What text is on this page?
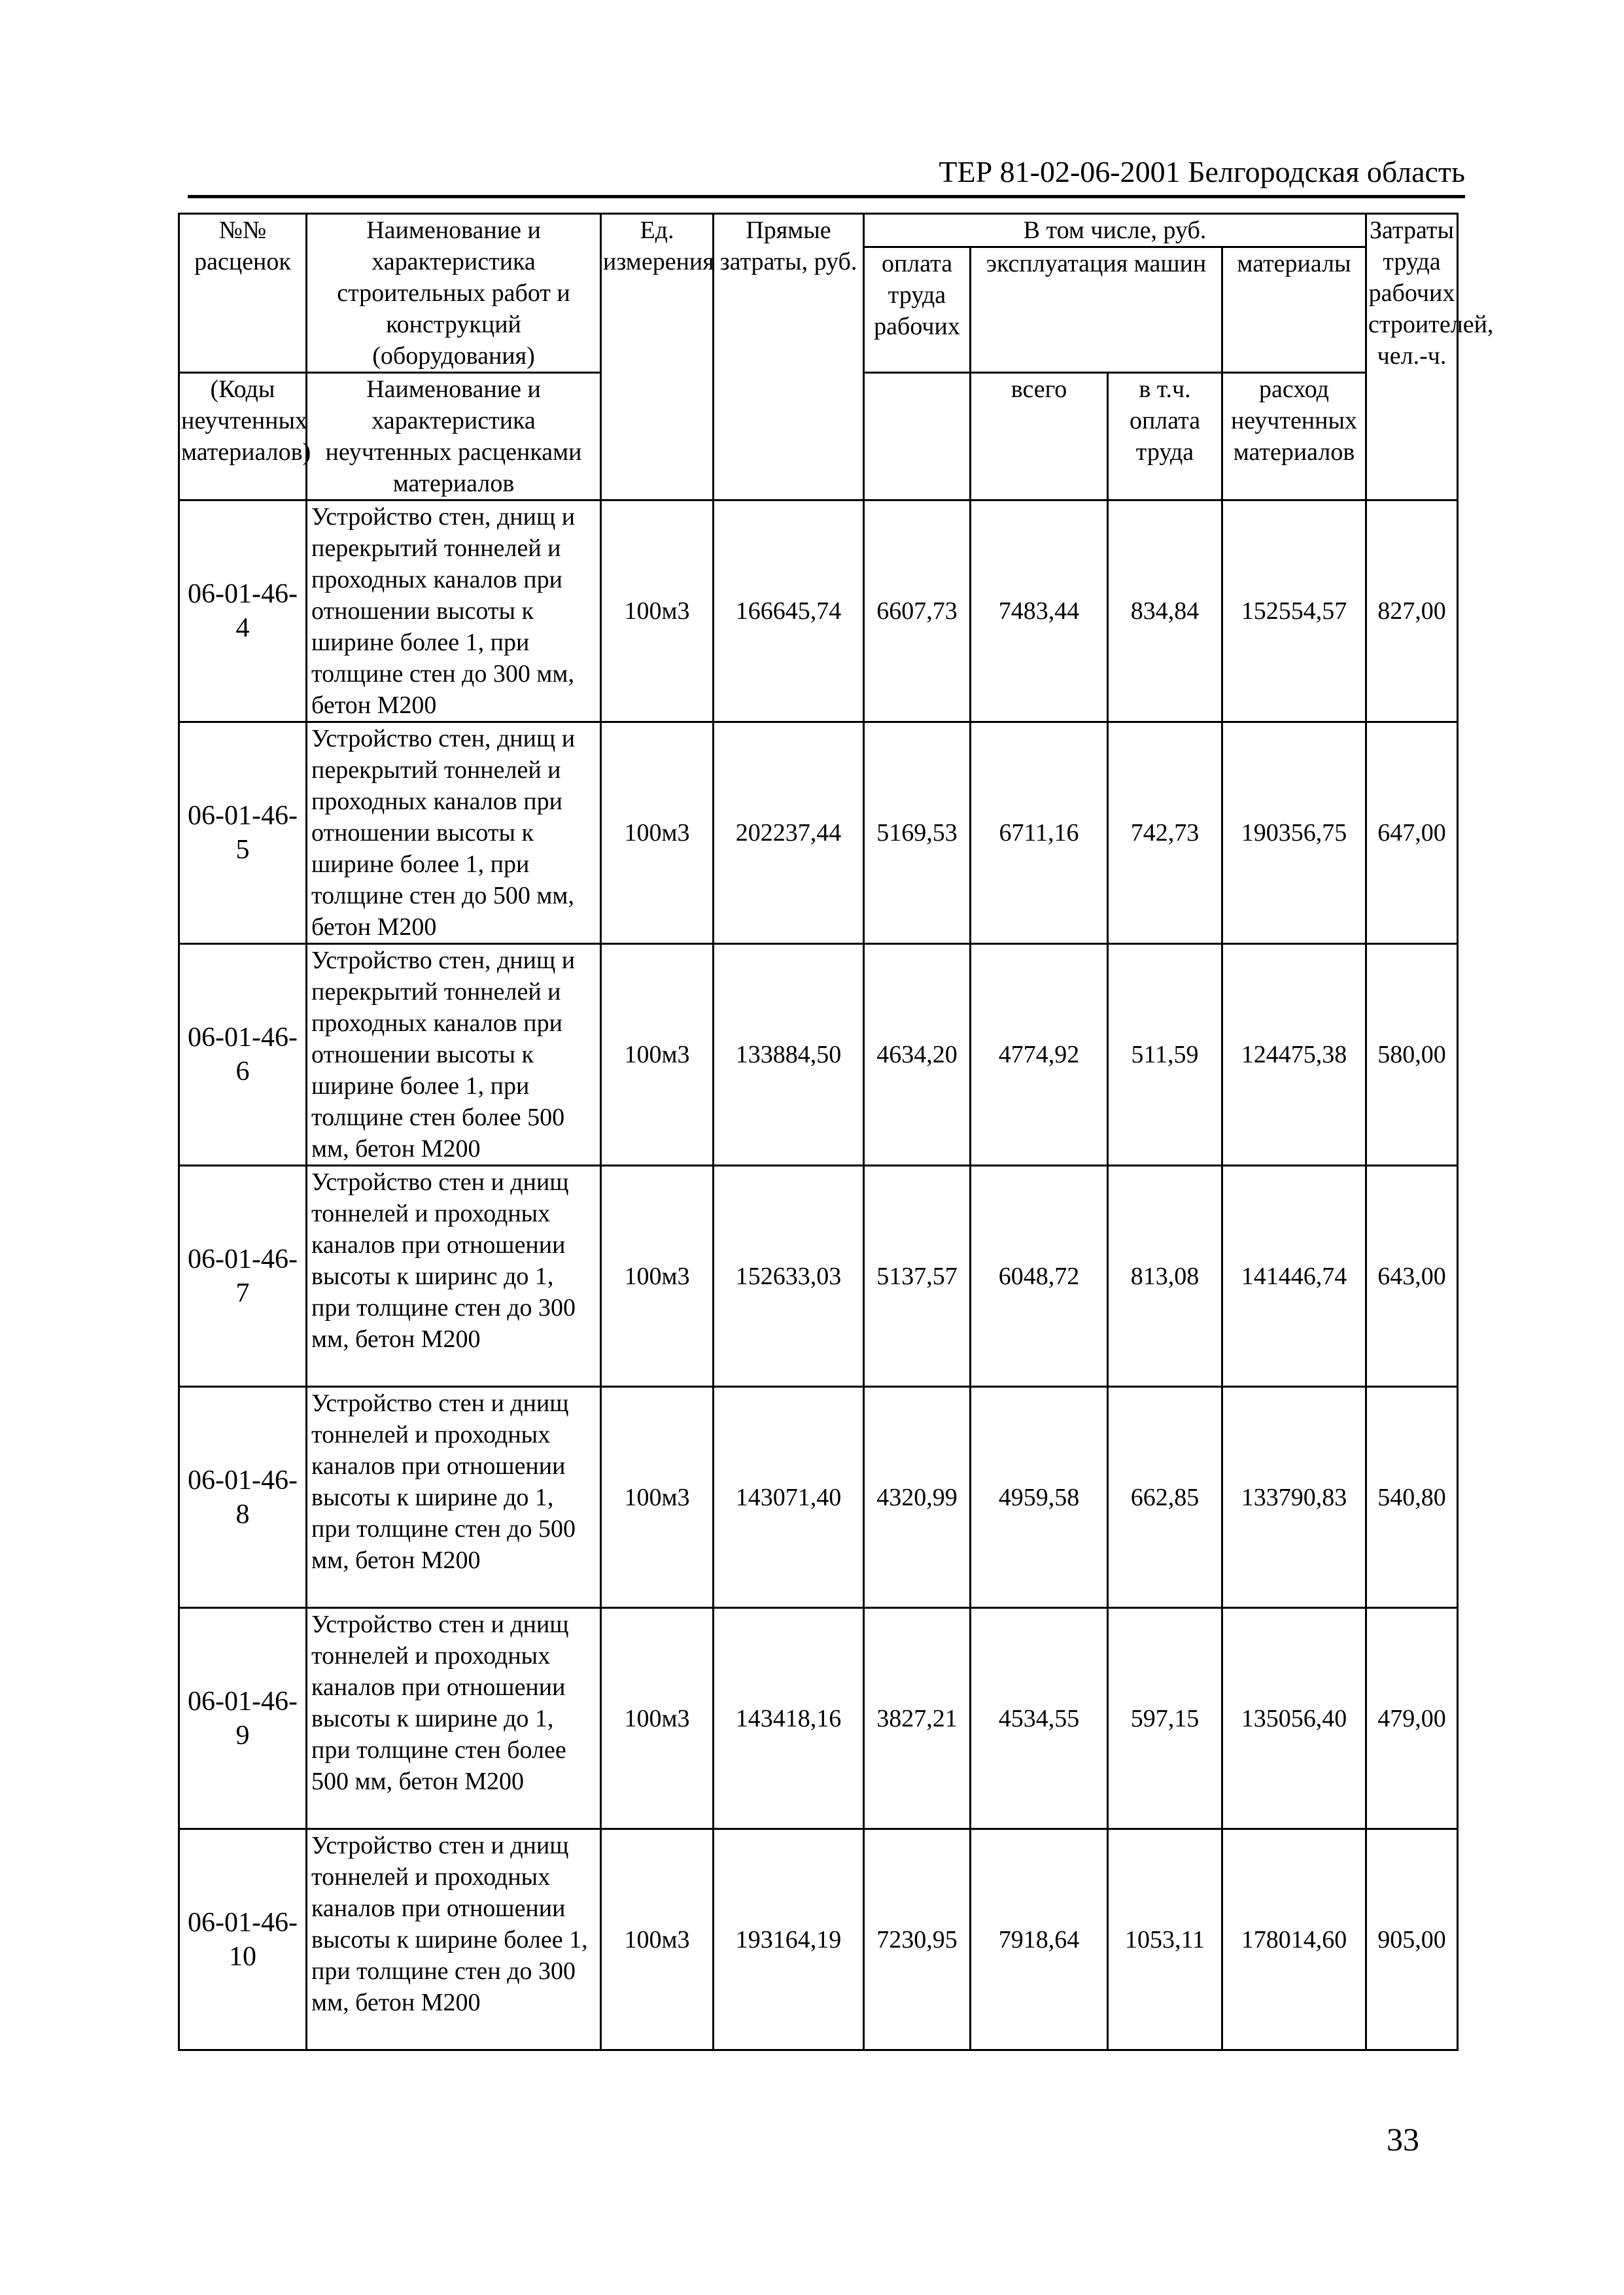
ТЕР 81-02-06-2001 Белгородская область
№№ расценок	Наименование и характеристика строительных работ и конструкций (оборудования)	Ед. измерения	Прямые затраты, руб.	В том числе, руб.				Затраты труда рабочих строителей, чел.-ч.
				оплата труда рабочих	эксплуатация машин		материалы	
(Коды неучтенных материалов)	Наименование и характеристика неучтенных расценками материалов				всего	в т.ч. оплата труда	расход неучтенных материалов	

06-01-46-4	Устройство стен, днищ и перекрытий тоннелей и проходных каналов при отношении высоты к ширине более 1, при толщине стен до 300 мм, бетон М200	100м3	166645,74	6607,73	7483,44	834,84	152554,57	827,00
06-01-46-5	Устройство стен, днищ и перекрытий тоннелей и проходных каналов при отношении высоты к ширине более 1, при толщине стен до 500 мм, бетон М200	100м3	202237,44	5169,53	6711,16	742,73	190356,75	647,00
06-01-46-6	Устройство стен, днищ и перекрытий тоннелей и проходных каналов при отношении высоты к ширине более 1, при толщине стен более 500 мм, бетон М200	100м3	133884,50	4634,20	4774,92	511,59	124475,38	580,00
06-01-46-7	Устройство стен и днищ тоннелей и проходных каналов при отношении высоты к ширинс до 1, при толщине стен до 300 мм, бетон М200	100м3	152633,03	5137,57	6048,72	813,08	141446,74	643,00
06-01-46-8	Устройство стен и днищ тоннелей и проходных каналов при отношении высоты к ширине до 1, при толщине стен до 500 мм, бетон М200	100м3	143071,40	4320,99	4959,58	662,85	133790,83	540,80
06-01-46-9	Устройство стен и днищ тоннелей и проходных каналов при отношении высоты к ширине до 1, при толщине стен более 500 мм, бетон М200	100м3	143418,16	3827,21	4534,55	597,15	135056,40	479,00
06-01-46-10	Устройство стен и днищ тоннелей и проходных каналов при отношении высоты к ширине более 1, при толщине стен до 300 мм, бетон М200	100м3	193164,19	7230,95	7918,64	1053,11	178014,60	905,00
33
